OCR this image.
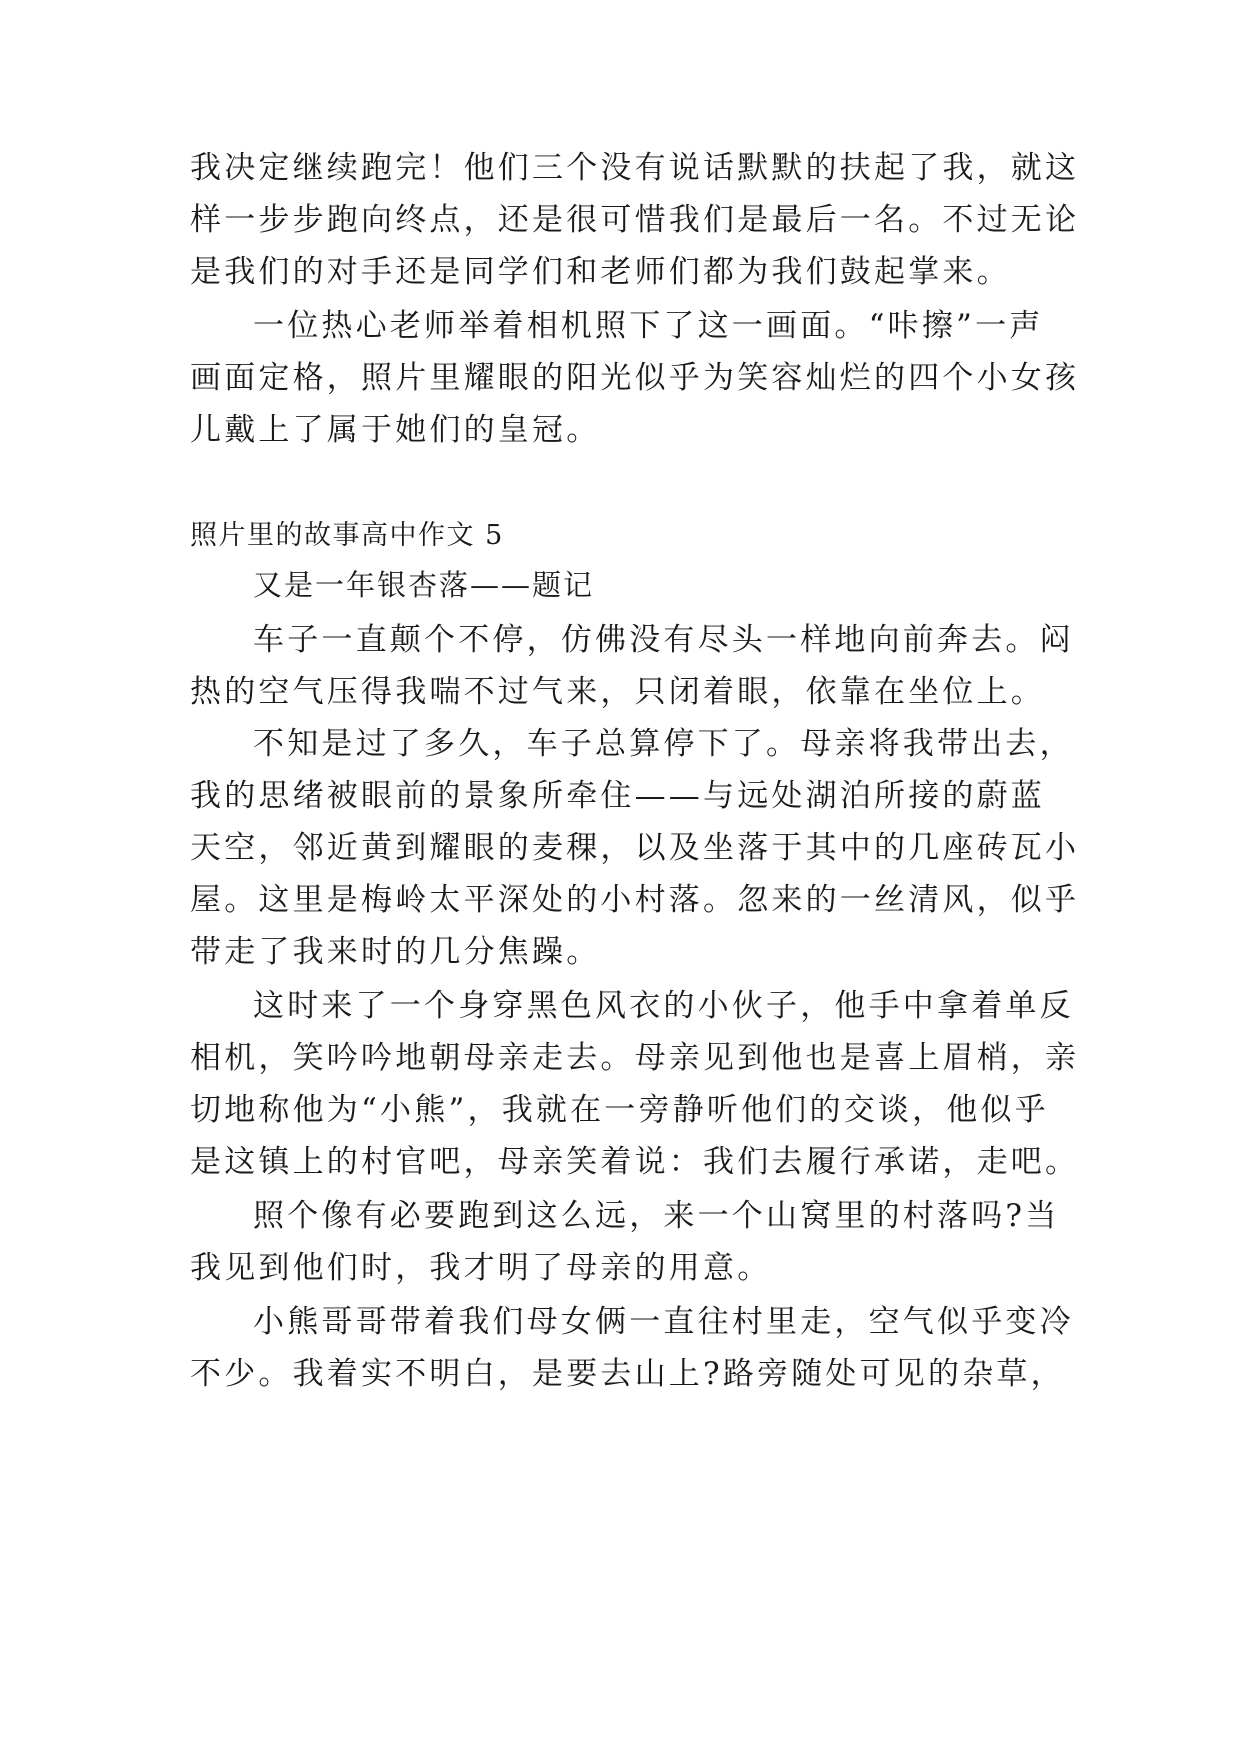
我决定继续跑完！他们三个没有说话默默的扶起了我，就这
样一步步跑向终点，还是很可惜我们是最后一名。不过无论
是我们的对手还是同学们和老师们都为我们鼓起掌来。
一位热心老师举着相机照下了这一画面。“咔擦”一声
画面定格，照片里耀眼的阳光似乎为笑容灿烂的四个小女孩
儿戴上了属于她们的皇冠。
照片里的故事高中作文 5
又是一年银杏落——题记
车子一直颠个不停，仿佛没有尽头一样地向前奔去。闷
热的空气压得我喘不过气来，只闭着眼，依靠在坐位上。
不知是过了多久，车子总算停下了。母亲将我带出去，
我的思绪被眼前的景象所牵住——与远处湖泊所接的蔚蓝
天空，邻近黄到耀眼的麦稞，以及坐落于其中的几座砖瓦小
屋。这里是梅岭太平深处的小村落。忽来的一丝清风，似乎
带走了我来时的几分焦躁。
这时来了一个身穿黑色风衣的小伙子，他手中拿着单反
相机，笑吟吟地朝母亲走去。母亲见到他也是喜上眉梢，亲
切地称他为“小熊”，我就在一旁静听他们的交谈，他似乎
是这镇上的村官吧，母亲笑着说：我们去履行承诺，走吧。
照个像有必要跑到这么远，来一个山窝里的村落吗?当
我见到他们时，我才明了母亲的用意。
小熊哥哥带着我们母女俩一直往村里走，空气似乎变冷
不少。我着实不明白，是要去山上?路旁随处可见的杂草，
